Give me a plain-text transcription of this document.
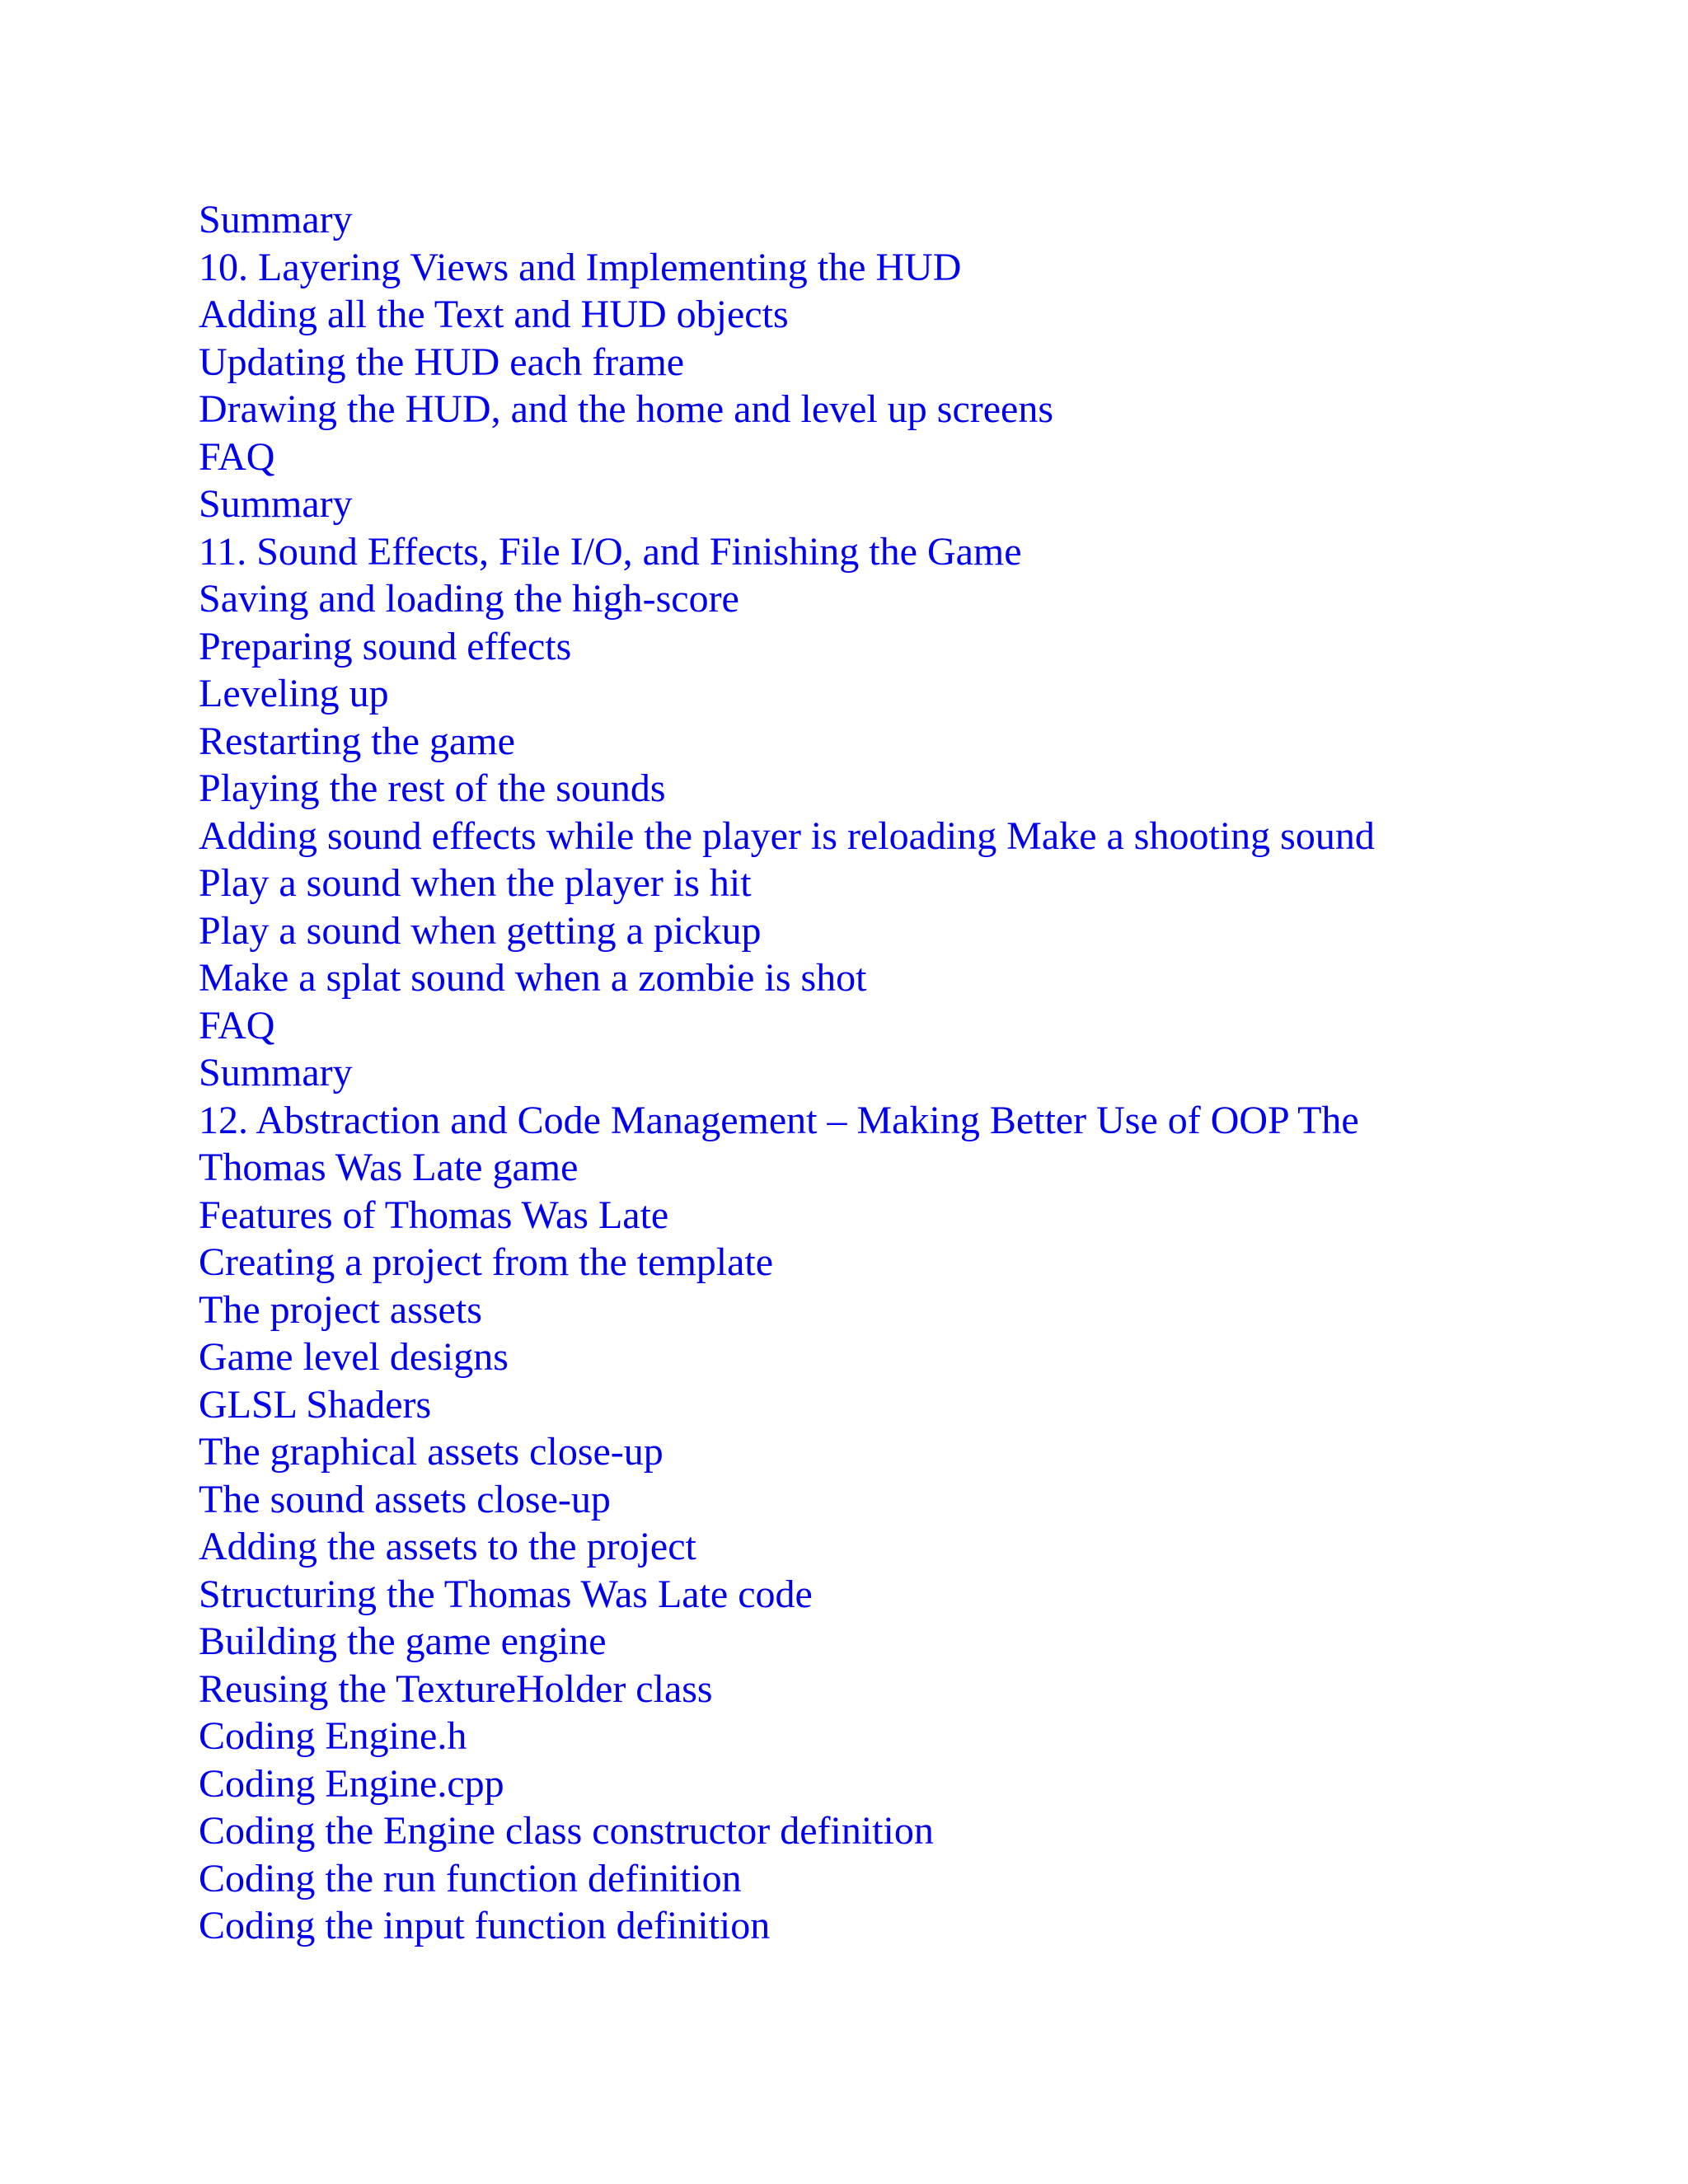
Summary
10. Layering Views and Implementing the HUD
Adding all the Text and HUD objects
Updating the HUD each frame
Drawing the HUD, and the home and level up screens
FAQ
Summary
11. Sound Effects, File I/O, and Finishing the Game
Saving and loading the high-score
Preparing sound effects
Leveling up
Restarting the game
Playing the rest of the sounds
Adding sound effects while the player is reloading Make a shooting sound
Play a sound when the player is hit
Play a sound when getting a pickup
Make a splat sound when a zombie is shot
FAQ
Summary
12. Abstraction and Code Management – Making Better Use of OOP The
Thomas Was Late game
Features of Thomas Was Late
Creating a project from the template
The project assets
Game level designs
GLSL Shaders
The graphical assets close-up
The sound assets close-up
Adding the assets to the project
Structuring the Thomas Was Late code
Building the game engine
Reusing the TextureHolder class
Coding Engine.h
Coding Engine.cpp
Coding the Engine class constructor definition
Coding the run function definition
Coding the input function definition
